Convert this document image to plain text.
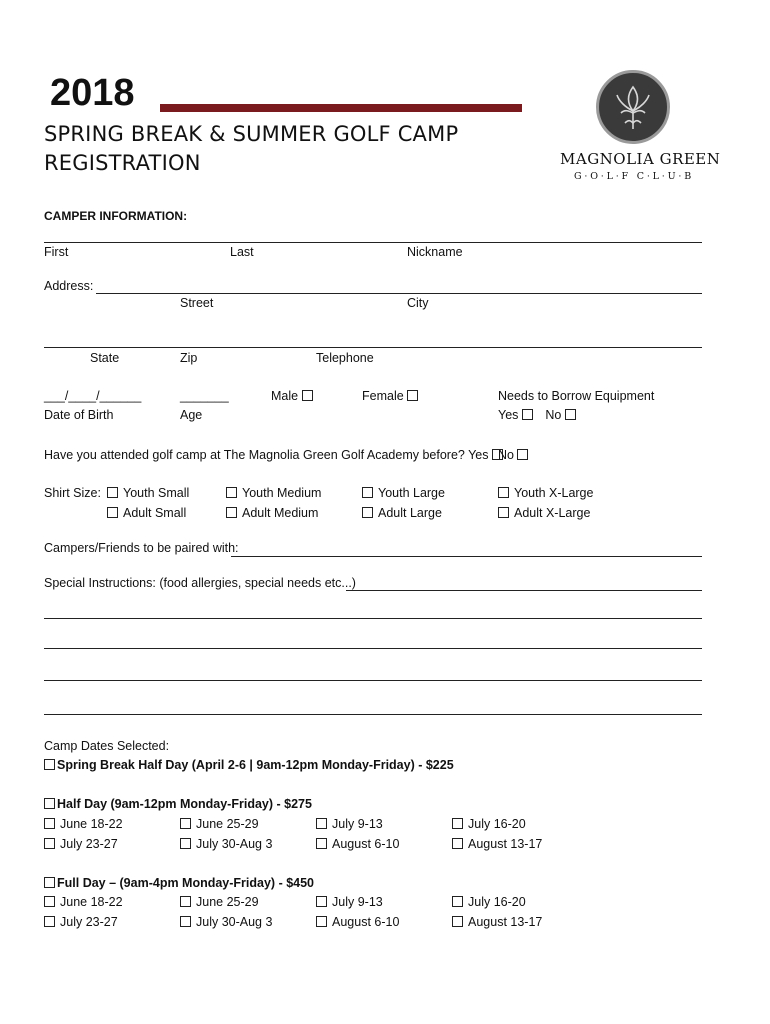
2018
SPRING BREAK & SUMMER GOLF CAMP
REGISTRATION	MAGNOLIA GREEN
G·O·L·F C·L·U·B
CAMPER INFORMATION:
First	Last	Nickname
Address:
Street	City
State	Zip	Telephone
___/____/______	_______	Male	Female	Needs to Borrow Equipment
Date of Birth	Age	Yes No
Have you attended golf camp at The Magnolia Green Golf Academy before? Yes No
Shirt Size:	Youth Small	Youth Medium	Youth Large	Youth X-Large
Adult Small	Adult Medium	Adult Large	Adult X-Large
Campers/Friends to be paired with:
Special Instructions: (food allergies, special needs etc...)
Camp Dates Selected:
Spring Break Half Day (April 2-6 | 9am-12pm Monday-Friday) - $225
Half Day (9am-12pm Monday-Friday) - $275
June 18-22	June 25-29	July 9-13	July 16-20
July 23-27	July 30-Aug 3	August 6-10	August 13-17
Full Day – (9am-4pm Monday-Friday) - $450
June 18-22	June 25-29	July 9-13	July 16-20
July 23-27	July 30-Aug 3	August 6-10	August 13-17
